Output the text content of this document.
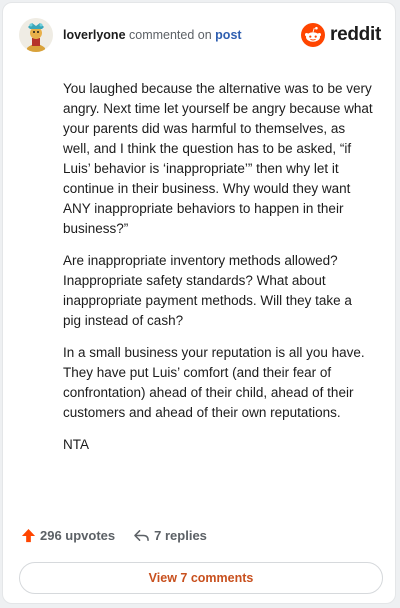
loverlyone commented on post	reddit

You laughed because the alternative was to be very angry. Next time let yourself be angry because what your parents did was harmful to themselves, as well, and I think the question has to be asked, “if Luis’ behavior is ‘inappropriate’” then why let it continue in their business. Why would they want ANY inappropriate behaviors to happen in their business?”

Are inappropriate inventory methods allowed? Inappropriate safety standards? What about inappropriate payment methods. Will they take a pig instead of cash?

In a small business your reputation is all you have. They have put Luis’ comfort (and their fear of confrontation) ahead of their child, ahead of their customers and ahead of their own reputations.

NTA

296 upvotes	7 replies
View 7 comments
